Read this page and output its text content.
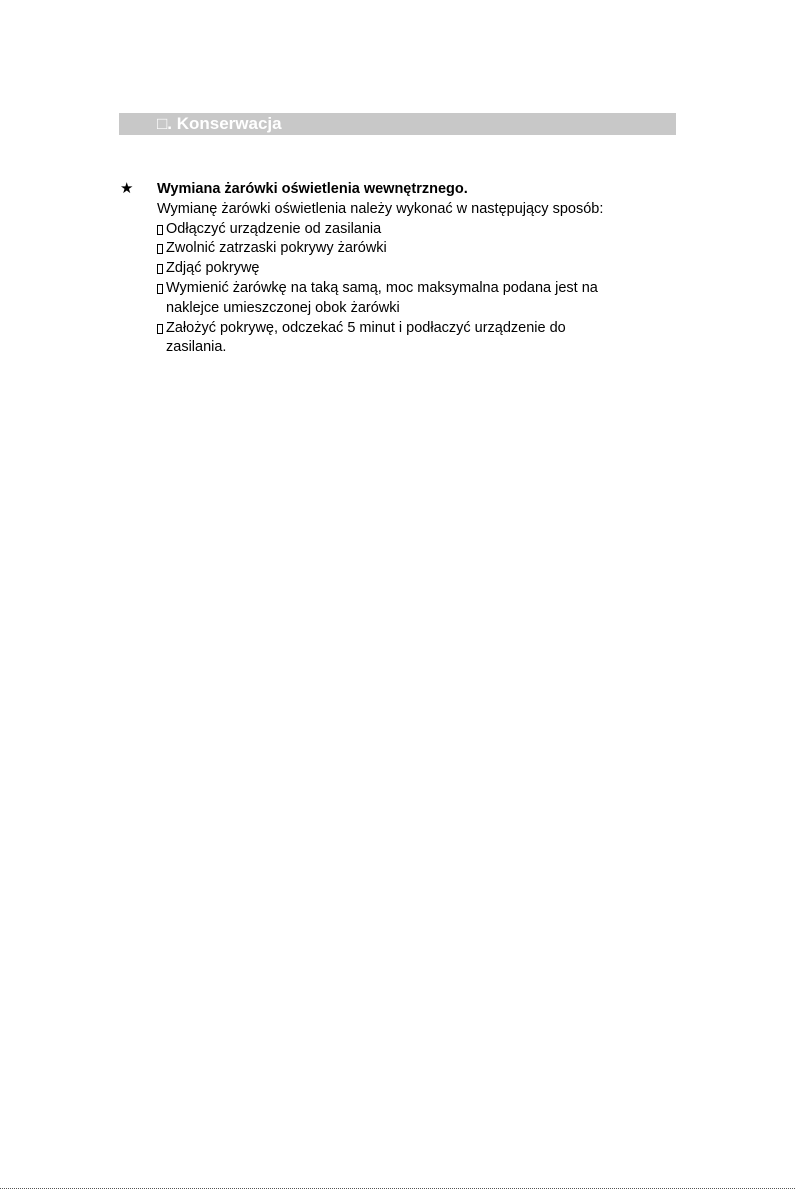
□. Konserwacja
★ Wymiana żarówki oświetlenia wewnętrznego.
Wymianę żarówki oświetlenia należy wykonać w następujący sposób:
Odłączyć urządzenie od zasilania
Zwolnić zatrzaski pokrywy żarówki
Zdjąć pokrywę
Wymienić żarówkę na taką samą, moc maksymalna podana jest na
naklejce umieszczonej obok żarówki
Założyć pokrywę, odczekać 5 minut i podłaczyć urządzenie do
zasilania.
